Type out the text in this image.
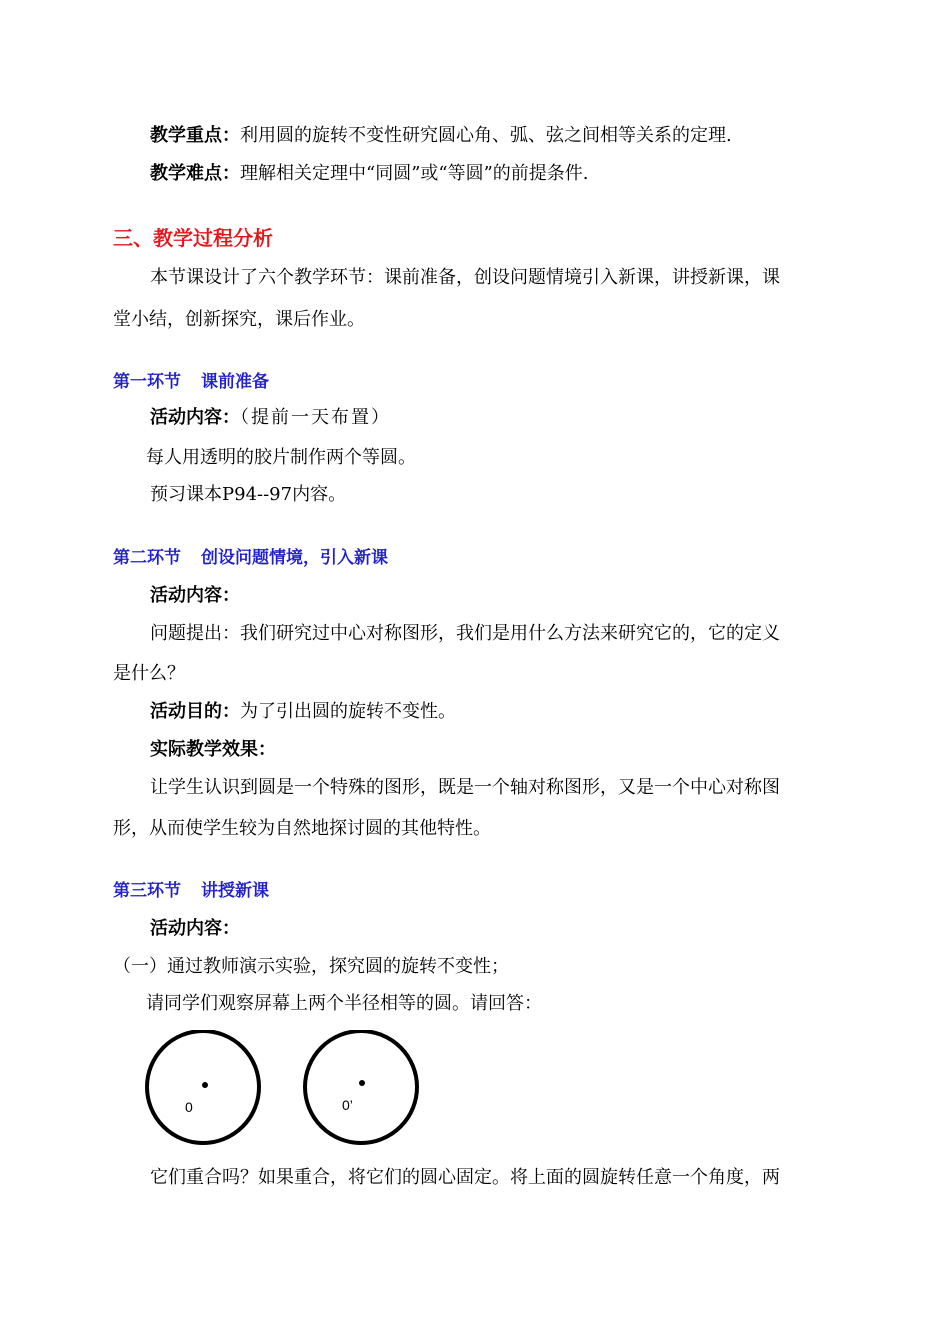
教学重点：利用圆的旋转不变性研究圆心角、弧、弦之间相等关系的定理.
教学难点：理解相关定理中“同圆”或“等圆”的前提条件.
三、教学过程分析
本节课设计了六个教学环节：课前准备，创设问题情境引入新课，讲授新课，课
堂小结，创新探究，课后作业。
第一环节 课前准备
活动内容：（提前一天布置）
每人用透明的胶片制作两个等圆。
预习课本P94--97内容。
第二环节 创设问题情境，引入新课
活动内容：
问题提出：我们研究过中心对称图形，我们是用什么方法来研究它的，它的定义
是什么？
活动目的：为了引出圆的旋转不变性。
实际教学效果：
让学生认识到圆是一个特殊的图形，既是一个轴对称图形，又是一个中心对称图
形，从而使学生较为自然地探讨圆的其他特性。
第三环节 讲授新课
活动内容：
（一）通过教师演示实验，探究圆的旋转不变性；
请同学们观察屏幕上两个半径相等的圆。请回答：
0	0’
它们重合吗？如果重合，将它们的圆心固定。将上面的圆旋转任意一个角度，两
